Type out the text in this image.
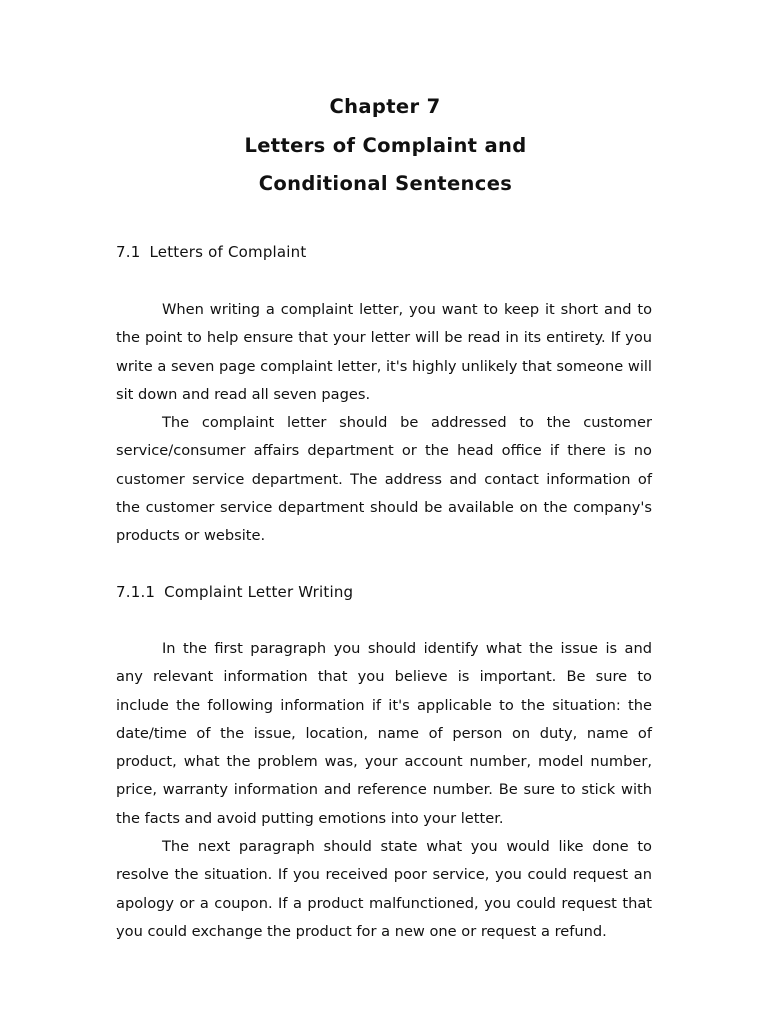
Chapter 7
Letters of Complaint and
Conditional Sentences
7.1 Letters of Complaint

When writing a complaint letter, you want to keep it short and to the point to help ensure that your letter will be read in its entirety. If you write a seven page complaint letter, it's highly unlikely that someone will sit down and read all seven pages.

The complaint letter should be addressed to the customer service/consumer affairs department or the head office if there is no customer service department. The address and contact information of the customer service department should be available on the company's products or website.

7.1.1 Complaint Letter Writing

In the first paragraph you should identify what the issue is and any relevant information that you believe is important. Be sure to include the following information if it's applicable to the situation: the date/time of the issue, location, name of person on duty, name of product, what the problem was, your account number, model number, price, warranty information and reference number. Be sure to stick with the facts and avoid putting emotions into your letter.

The next paragraph should state what you would like done to resolve the situation. If you received poor service, you could request an apology or a coupon. If a product malfunctioned, you could request that you could exchange the product for a new one or request a refund.
